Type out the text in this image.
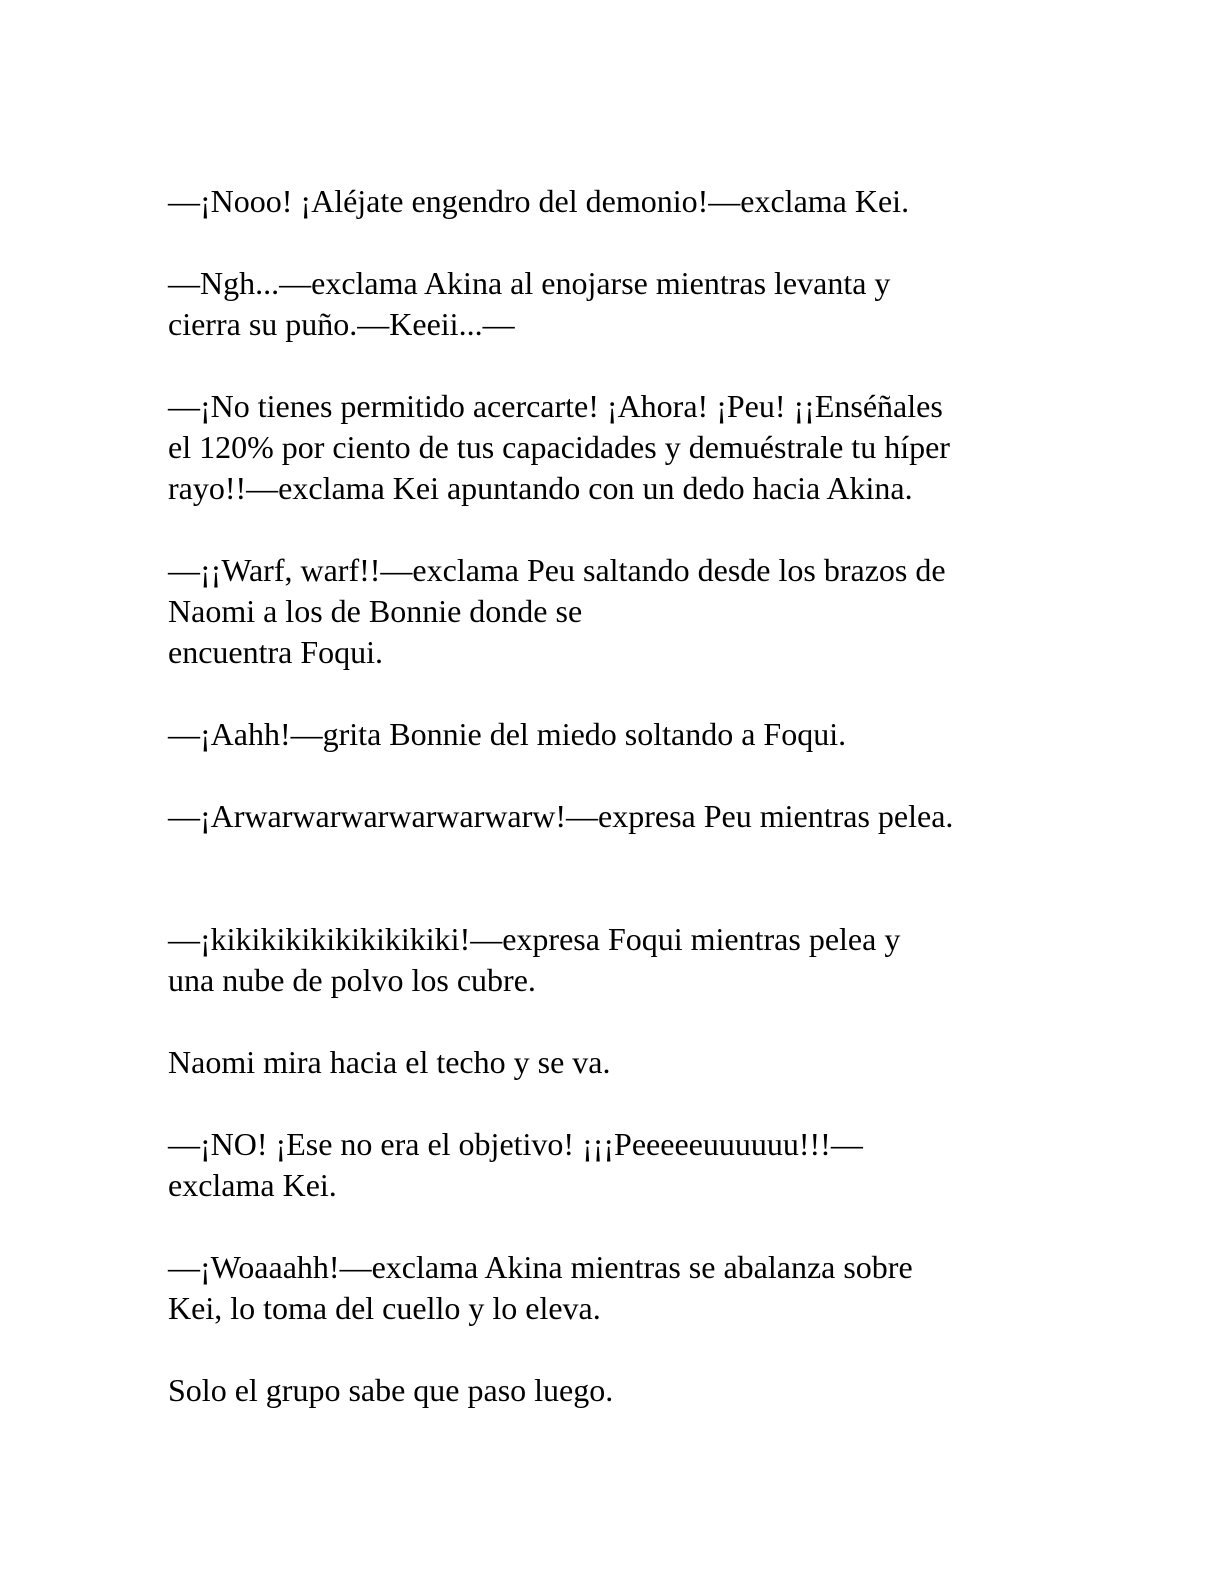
—¡Nooo! ¡Aléjate engendro del demonio!—exclama Kei.

—Ngh...—exclama Akina al enojarse mientras levanta y
cierra su puño.—Keeii...—

—¡No tienes permitido acercarte! ¡Ahora! ¡Peu! ¡¡Enséñales
el 120% por ciento de tus capacidades y demuéstrale tu híper
rayo!!—exclama Kei apuntando con un dedo hacia Akina.

—¡¡Warf, warf!!—exclama Peu saltando desde los brazos de
Naomi a los de Bonnie donde se
encuentra Foqui.

—¡Aahh!—grita Bonnie del miedo soltando a Foqui.

—¡Arwarwarwarwarwarwarw!—expresa Peu mientras pelea.

—¡kikikikikikikikikiki!—expresa Foqui mientras pelea y
una nube de polvo los cubre.

Naomi mira hacia el techo y se va.

—¡NO! ¡Ese no era el objetivo! ¡¡¡Peeeeeuuuuuu!!!—
exclama Kei.

—¡Woaaahh!—exclama Akina mientras se abalanza sobre
Kei, lo toma del cuello y lo eleva.

Solo el grupo sabe que paso luego.
